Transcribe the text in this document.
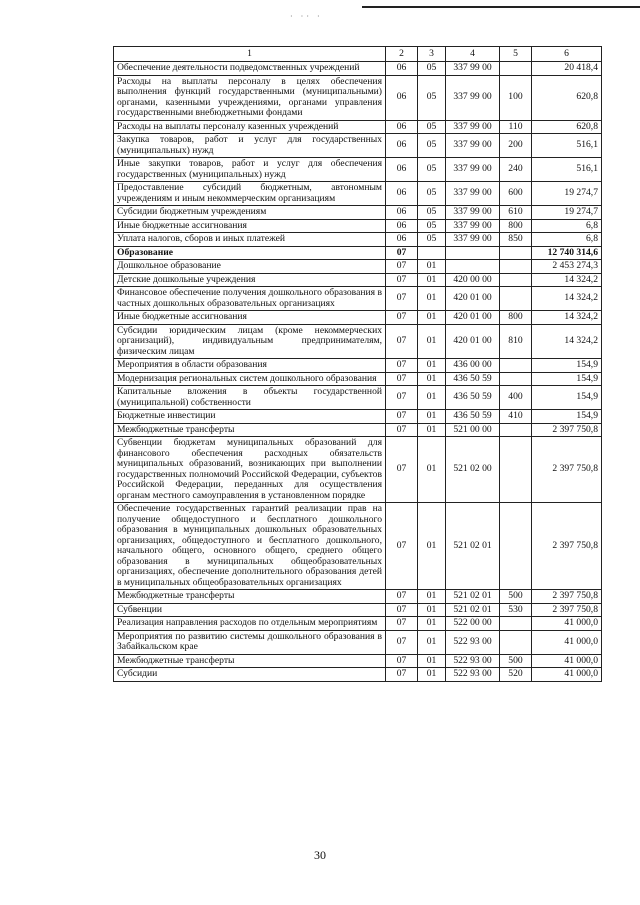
· ·· ·
1	2	3	4	5	6
Обеспечение деятельности подведомственных учреждений	06	05	337 99 00		20 418,4
Расходы на выплаты персоналу в целях обеспечения выполнения функций государственными (муниципальными) органами, казенными учреждениями, органами управления государственными внебюджетными фондами	06	05	337 99 00	100	620,8
Расходы на выплаты персоналу казенных учреждений	06	05	337 99 00	110	620,8
Закупка товаров, работ и услуг для государственных (муниципальных) нужд	06	05	337 99 00	200	516,1
Иные закупки товаров, работ и услуг для обеспечения государственных (муниципальных) нужд	06	05	337 99 00	240	516,1
Предоставление субсидий бюджетным, автономным учреждениям и иным некоммерческим организациям	06	05	337 99 00	600	19 274,7
Субсидии бюджетным учреждениям	06	05	337 99 00	610	19 274,7
Иные бюджетные ассигнования	06	05	337 99 00	800	6,8
Уплата налогов, сборов и иных платежей	06	05	337 99 00	850	6,8
Образование	07				12 740 314,6
Дошкольное образование	07	01			2 453 274,3
Детские дошкольные учреждения	07	01	420 00 00		14 324,2
Финансовое обеспечение получения дошкольного образования в частных дошкольных образовательных организациях	07	01	420 01 00		14 324,2
Иные бюджетные ассигнования	07	01	420 01 00	800	14 324,2
Субсидии юридическим лицам (кроме некоммерческих организаций), индивидуальным предпринимателям, физическим лицам	07	01	420 01 00	810	14 324,2
Мероприятия в области образования	07	01	436 00 00		154,9
Модернизация региональных систем дошкольного образования	07	01	436 50 59		154,9
Капитальные вложения в объекты государственной (муниципальной) собственности	07	01	436 50 59	400	154,9
Бюджетные инвестиции	07	01	436 50 59	410	154,9
Межбюджетные трансферты	07	01	521 00 00		2 397 750,8
Субвенции бюджетам муниципальных образований для финансового обеспечения расходных обязательств муниципальных образований, возникающих при выполнении государственных полномочий Российской Федерации, субъектов Российской Федерации, переданных для осуществления органам местного самоуправления в установленном порядке	07	01	521 02 00		2 397 750,8
Обеспечение государственных гарантий реализации прав на получение общедоступного и бесплатного дошкольного образования в муниципальных дошкольных образовательных организациях, общедоступного и бесплатного дошкольного, начального общего, основного общего, среднего общего образования в муниципальных общеобразовательных организациях, обеспечение дополнительного образования детей в муниципальных общеобразовательных организациях	07	01	521 02 01		2 397 750,8
Межбюджетные трансферты	07	01	521 02 01	500	2 397 750,8
Субвенции	07	01	521 02 01	530	2 397 750,8
Реализация направления расходов по отдельным мероприятиям	07	01	522 00 00		41 000,0
Мероприятия по развитию системы дошкольного образования в Забайкальском крае	07	01	522 93 00		41 000,0
Межбюджетные трансферты	07	01	522 93 00	500	41 000,0
Субсидии	07	01	522 93 00	520	41 000,0
30
